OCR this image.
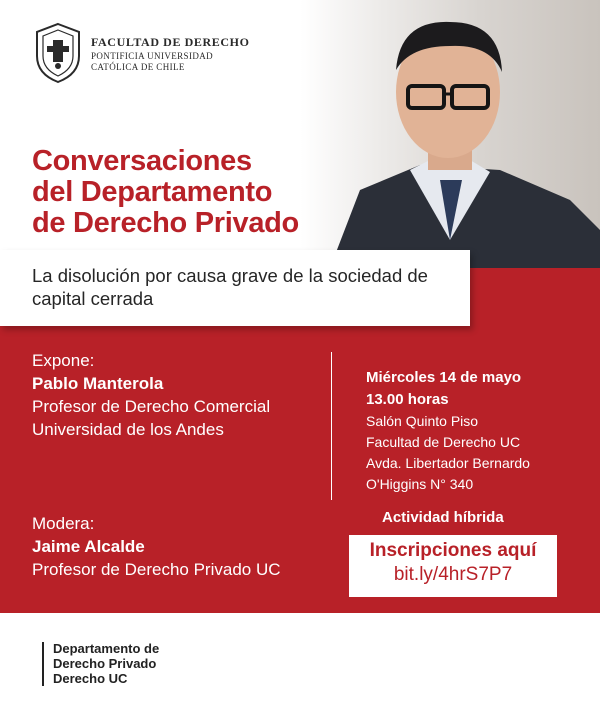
FACULTAD DE DERECHO
PONTIFICIA UNIVERSIDAD
CATÓLICA DE CHILE
Conversaciones
del Departamento
de Derecho Privado
La disolución por causa grave de la sociedad de capital cerrada
Expone:
Pablo Manterola
Profesor de Derecho Comercial
Universidad de los Andes
Modera:
Jaime Alcalde
Profesor de Derecho Privado UC
Miércoles 14 de mayo
13.00 horas
Salón Quinto Piso
Facultad de Derecho UC
Avda. Libertador Bernardo
O'Higgins N° 340
Actividad híbrida
Inscripciones aquí
bit.ly/4hrS7P7
Departamento de
Derecho Privado
Derecho UC
